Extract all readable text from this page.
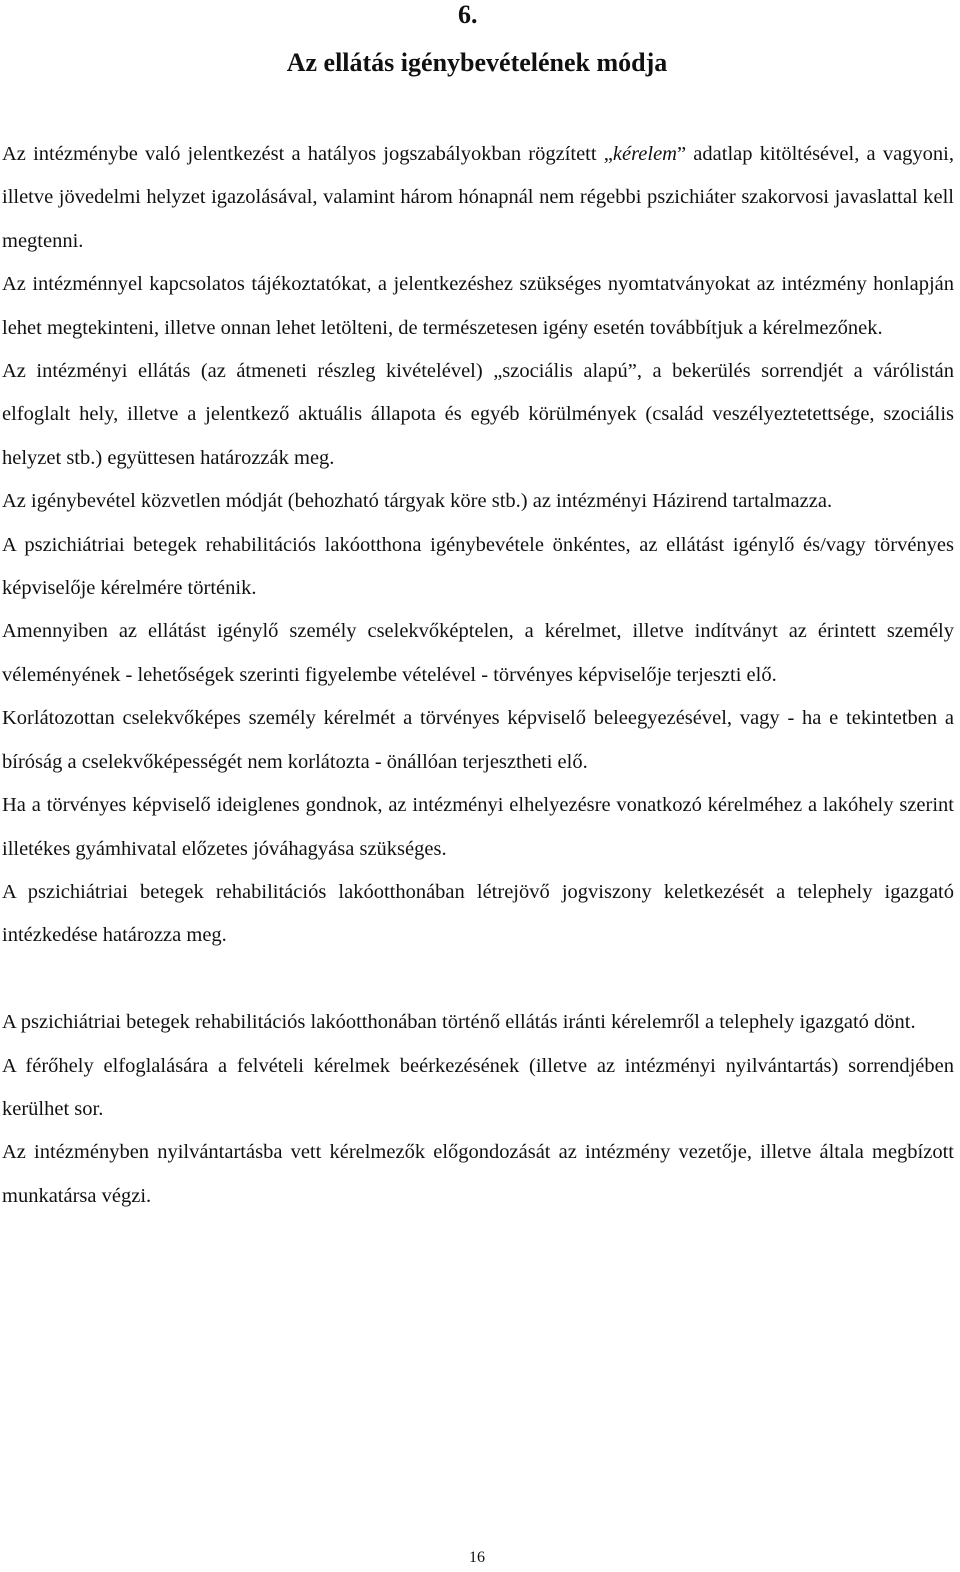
6.
Az ellátás igénybevételének módja

Az intézménybe való jelentkezést a hatályos jogszabályokban rögzített „kérelem” adatlap kitöltésével, a vagyoni, illetve jövedelmi helyzet igazolásával, valamint három hónapnál nem régebbi pszichiáter szakorvosi javaslattal kell megtenni.

Az intézménnyel kapcsolatos tájékoztatókat, a jelentkezéshez szükséges nyomtatványokat az intézmény honlapján lehet megtekinteni, illetve onnan lehet letölteni, de természetesen igény esetén továbbítjuk a kérelmezőnek.

Az intézményi ellátás (az átmeneti részleg kivételével) „szociális alapú”, a bekerülés sorrendjét a várólistán elfoglalt hely, illetve a jelentkező aktuális állapota és egyéb körülmények (család veszélyeztetettsége, szociális helyzet stb.) együttesen határozzák meg.

Az igénybevétel közvetlen módját (behozható tárgyak köre stb.) az intézményi Házirend tartalmazza.

A pszichiátriai betegek rehabilitációs lakóotthona igénybevétele önkéntes, az ellátást igénylő és/vagy törvényes képviselője kérelmére történik.

Amennyiben az ellátást igénylő személy cselekvőképtelen, a kérelmet, illetve indítványt az érintett személy véleményének - lehetőségek szerinti figyelembe vételével - törvényes képviselője terjeszti elő.

Korlátozottan cselekvőképes személy kérelmét a törvényes képviselő beleegyezésével, vagy - ha e tekintetben a bíróság a cselekvőképességét nem korlátozta - önállóan terjesztheti elő.

Ha a törvényes képviselő ideiglenes gondnok, az intézményi elhelyezésre vonatkozó kérelméhez a lakóhely szerint illetékes gyámhivatal előzetes jóváhagyása szükséges.

A pszichiátriai betegek rehabilitációs lakóotthonában létrejövő jogviszony keletkezését a telephely igazgató intézkedése határozza meg.

A pszichiátriai betegek rehabilitációs lakóotthonában történő ellátás iránti kérelemről a telephely igazgató dönt.

A férőhely elfoglalására a felvételi kérelmek beérkezésének (illetve az intézményi nyilvántartás) sorrendjében kerülhet sor.

Az intézményben nyilvántartásba vett kérelmezők előgondozását az intézmény vezetője, illetve általa megbízott munkatársa végzi.

16
